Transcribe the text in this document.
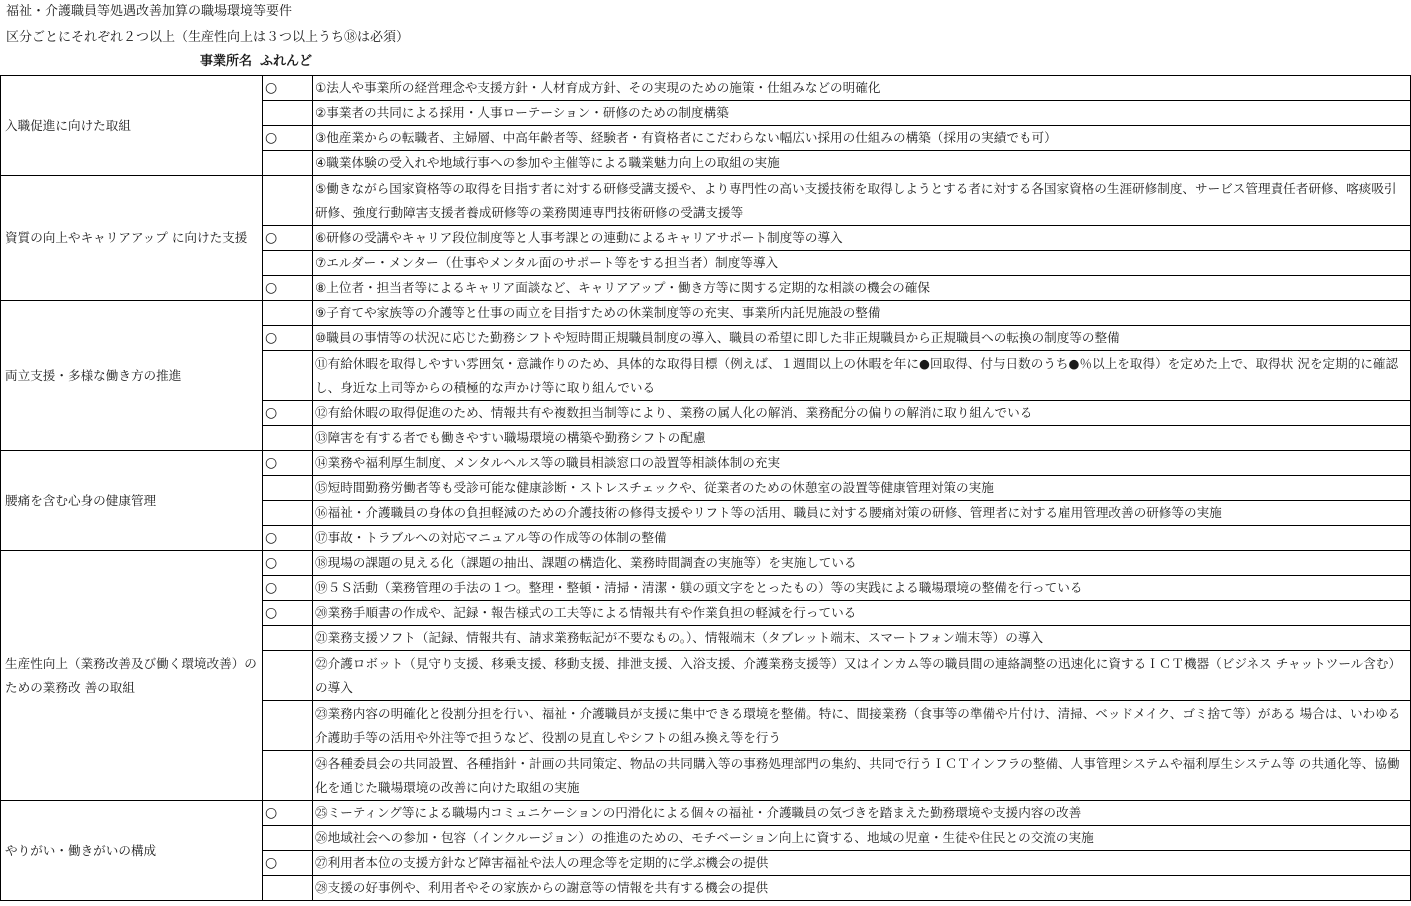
福祉・介護職員等処遇改善加算の職場環境等要件
区分ごとにそれぞれ２つ以上（生産性向上は３つ以上うち⑱は必須）
事業所名 ふれんど
入職促進に向けた取組	○	①法人や事業所の経営理念や支援方針・人材育成方針、その実現のための施策・仕組みなどの明確化
		②事業者の共同による採用・人事ローテーション・研修のための制度構築
	○	③他産業からの転職者、主婦層、中高年齢者等、経験者・有資格者にこだわらない幅広い採用の仕組みの構築（採用の実績でも可）
		④職業体験の受入れや地域行事への参加や主催等による職業魅力向上の取組の実施
資質の向上やキャリアアップ に向けた支援		⑤働きながら国家資格等の取得を目指す者に対する研修受講支援や、より専門性の高い支援技術を取得しようとする者に対する各国家資格の生涯研修制度、サービス管理責任者研修、喀痰吸引研修、強度行動障害支援者養成研修等の業務関連専門技術研修の受講支援等
	○	⑥研修の受講やキャリア段位制度等と人事考課との連動によるキャリアサポート制度等の導入
		⑦エルダー・メンター（仕事やメンタル面のサポート等をする担当者）制度等導入
	○	⑧上位者・担当者等によるキャリア面談など、キャリアアップ・働き方等に関する定期的な相談の機会の確保
両立支援・多様な働き方の推進		⑨子育てや家族等の介護等と仕事の両立を目指すための休業制度等の充実、事業所内託児施設の整備
	○	⑩職員の事情等の状況に応じた勤務シフトや短時間正規職員制度の導入、職員の希望に即した非正規職員から正規職員への転換の制度等の整備
		⑪有給休暇を取得しやすい雰囲気・意識作りのため、具体的な取得目標（例えば、１週間以上の休暇を年に●回取得、付与日数のうち●％以上を取得）を定めた上で、取得状 況を定期的に確認し、身近な上司等からの積極的な声かけ等に取り組んでいる
	○	⑫有給休暇の取得促進のため、情報共有や複数担当制等により、業務の属人化の解消、業務配分の偏りの解消に取り組んでいる
		⑬障害を有する者でも働きやすい職場環境の構築や勤務シフトの配慮
腰痛を含む心身の健康管理	○	⑭業務や福利厚生制度、メンタルヘルス等の職員相談窓口の設置等相談体制の充実
		⑮短時間勤務労働者等も受診可能な健康診断・ストレスチェックや、従業者のための休憩室の設置等健康管理対策の実施
		⑯福祉・介護職員の身体の負担軽減のための介護技術の修得支援やリフト等の活用、職員に対する腰痛対策の研修、管理者に対する雇用管理改善の研修等の実施
	○	⑰事故・トラブルへの対応マニュアル等の作成等の体制の整備
生産性向上（業務改善及び働く環境改善）のための業務改 善の取組	○	⑱現場の課題の見える化（課題の抽出、課題の構造化、業務時間調査の実施等）を実施している
	○	⑲５Ｓ活動（業務管理の手法の１つ。整理・整頓・清掃・清潔・躾の頭文字をとったもの）等の実践による職場環境の整備を行っている
	○	⑳業務手順書の作成や、記録・報告様式の工夫等による情報共有や作業負担の軽減を行っている
		㉑業務支援ソフト（記録、情報共有、請求業務転記が不要なもの。）、情報端末（タブレット端末、スマートフォン端末等）の導入
		㉒介護ロボット（見守り支援、移乗支援、移動支援、排泄支援、入浴支援、介護業務支援等）又はインカム等の職員間の連絡調整の迅速化に資するＩＣＴ機器（ビジネス チャットツール含む）の導入
		㉓業務内容の明確化と役割分担を行い、福祉・介護職員が支援に集中できる環境を整備。特に、間接業務（食事等の準備や片付け、清掃、ベッドメイク、ゴミ捨て等）がある 場合は、いわゆる介護助手等の活用や外注等で担うなど、役割の見直しやシフトの組み換え等を行う
		㉔各種委員会の共同設置、各種指針・計画の共同策定、物品の共同購入等の事務処理部門の集約、共同で行うＩＣＴインフラの整備、人事管理システムや福利厚生システム等 の共通化等、協働化を通じた職場環境の改善に向けた取組の実施
やりがい・働きがいの構成	○	㉕ミーティング等による職場内コミュニケーションの円滑化による個々の福祉・介護職員の気づきを踏まえた勤務環境や支援内容の改善
		㉖地域社会への参加・包容（インクルージョン）の推進のための、モチベーション向上に資する、地域の児童・生徒や住民との交流の実施
	○	㉗利用者本位の支援方針など障害福祉や法人の理念等を定期的に学ぶ機会の提供
		㉘支援の好事例や、利用者やその家族からの謝意等の情報を共有する機会の提供
